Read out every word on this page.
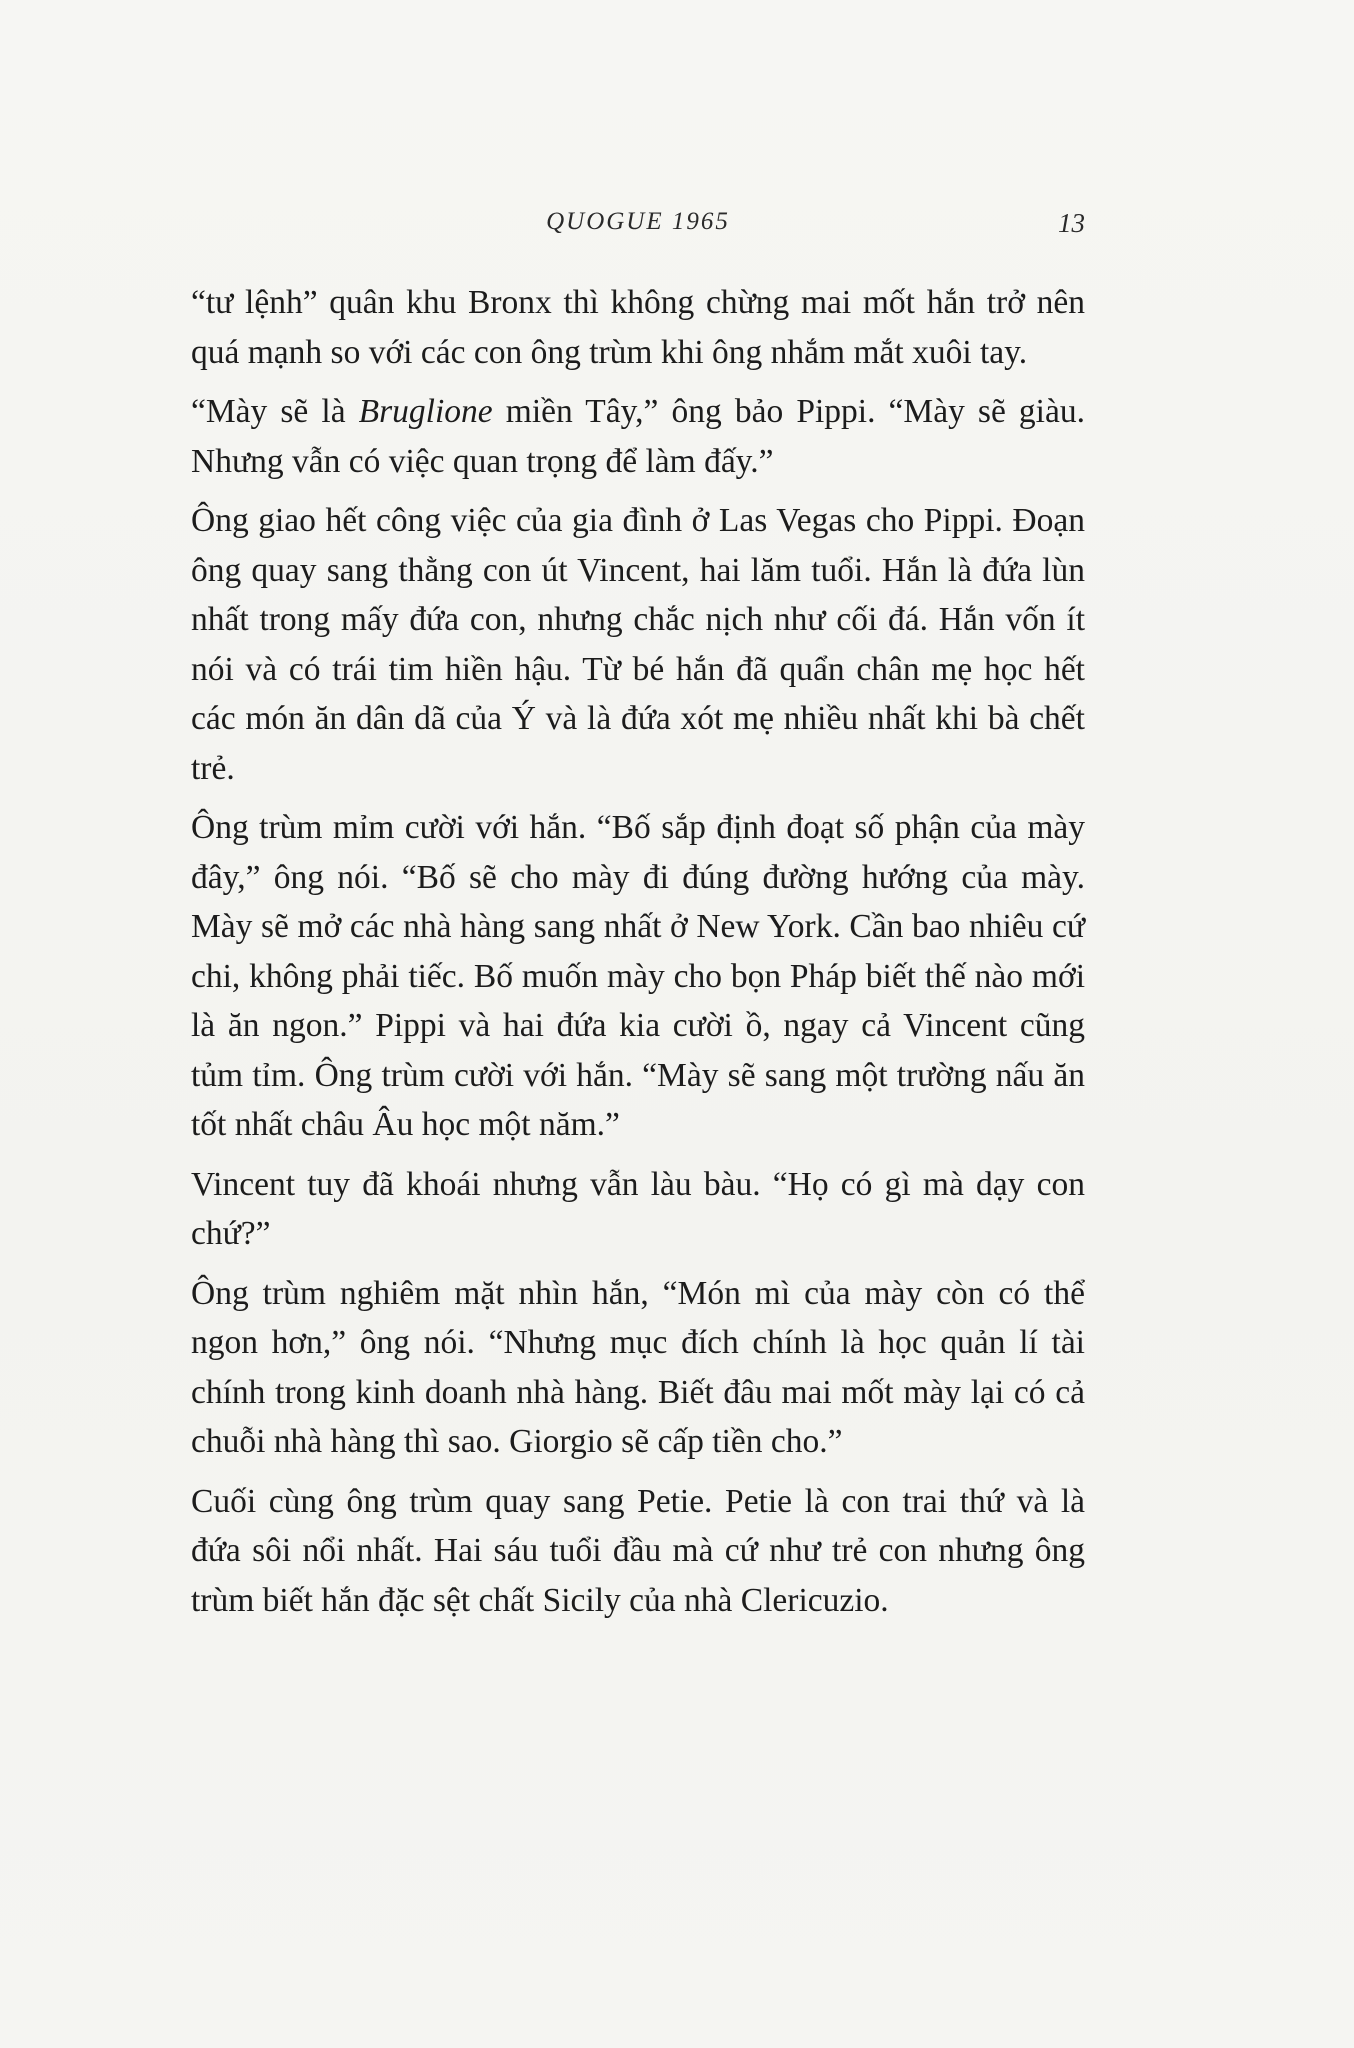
QUOGUE 1965	13

“tư lệnh” quân khu Bronx thì không chừng mai mốt hắn trở nên quá mạnh so với các con ông trùm khi ông nhắm mắt xuôi tay.

“Mày sẽ là Bruglione miền Tây,” ông bảo Pippi. “Mày sẽ giàu. Nhưng vẫn có việc quan trọng để làm đấy.”

Ông giao hết công việc của gia đình ở Las Vegas cho Pippi. Đoạn ông quay sang thằng con út Vincent, hai lăm tuổi. Hắn là đứa lùn nhất trong mấy đứa con, nhưng chắc nịch như cối đá. Hắn vốn ít nói và có trái tim hiền hậu. Từ bé hắn đã quẩn chân mẹ học hết các món ăn dân dã của Ý và là đứa xót mẹ nhiều nhất khi bà chết trẻ.

Ông trùm mỉm cười với hắn. “Bố sắp định đoạt số phận của mày đây,” ông nói. “Bố sẽ cho mày đi đúng đường hướng của mày. Mày sẽ mở các nhà hàng sang nhất ở New York. Cần bao nhiêu cứ chi, không phải tiếc. Bố muốn mày cho bọn Pháp biết thế nào mới là ăn ngon.” Pippi và hai đứa kia cười ồ, ngay cả Vincent cũng tủm tỉm. Ông trùm cười với hắn. “Mày sẽ sang một trường nấu ăn tốt nhất châu Âu học một năm.”

Vincent tuy đã khoái nhưng vẫn làu bàu. “Họ có gì mà dạy con chứ?”

Ông trùm nghiêm mặt nhìn hắn, “Món mì của mày còn có thể ngon hơn,” ông nói. “Nhưng mục đích chính là học quản lí tài chính trong kinh doanh nhà hàng. Biết đâu mai mốt mày lại có cả chuỗi nhà hàng thì sao. Giorgio sẽ cấp tiền cho.”

Cuối cùng ông trùm quay sang Petie. Petie là con trai thứ và là đứa sôi nổi nhất. Hai sáu tuổi đầu mà cứ như trẻ con nhưng ông trùm biết hắn đặc sệt chất Sicily của nhà Clericuzio.
